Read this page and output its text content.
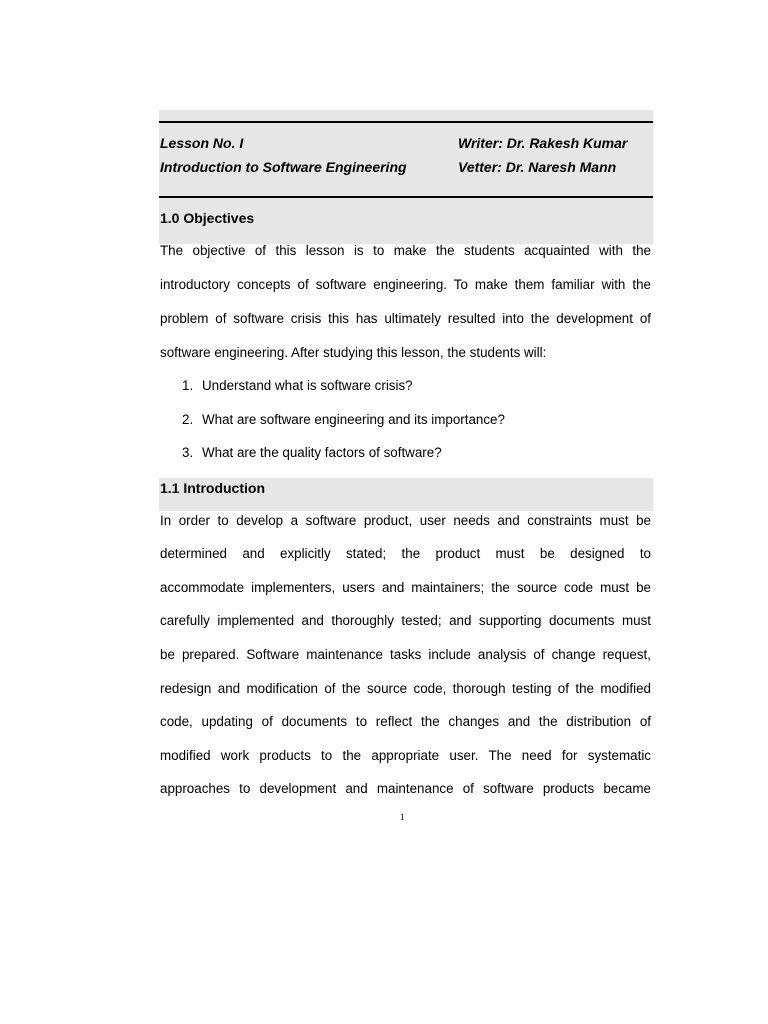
Lesson No. I
Introduction to Software Engineering
Writer: Dr. Rakesh Kumar
Vetter: Dr. Naresh Mann
1.0 Objectives
The objective of this lesson is to make the students acquainted with the
introductory concepts of software engineering. To make them familiar with the
problem of software crisis this has ultimately resulted into the development of
software engineering. After studying this lesson, the students will:
1. Understand what is software crisis?
2. What are software engineering and its importance?
3. What are the quality factors of software?
1.1 Introduction
In order to develop a software product, user needs and constraints must be
determined and explicitly stated; the product must be designed to
accommodate implementers, users and maintainers; the source code must be
carefully implemented and thoroughly tested; and supporting documents must
be prepared. Software maintenance tasks include analysis of change request,
redesign and modification of the source code, thorough testing of the modified
code, updating of documents to reflect the changes and the distribution of
modified work products to the appropriate user. The need for systematic
approaches to development and maintenance of software products became
1
